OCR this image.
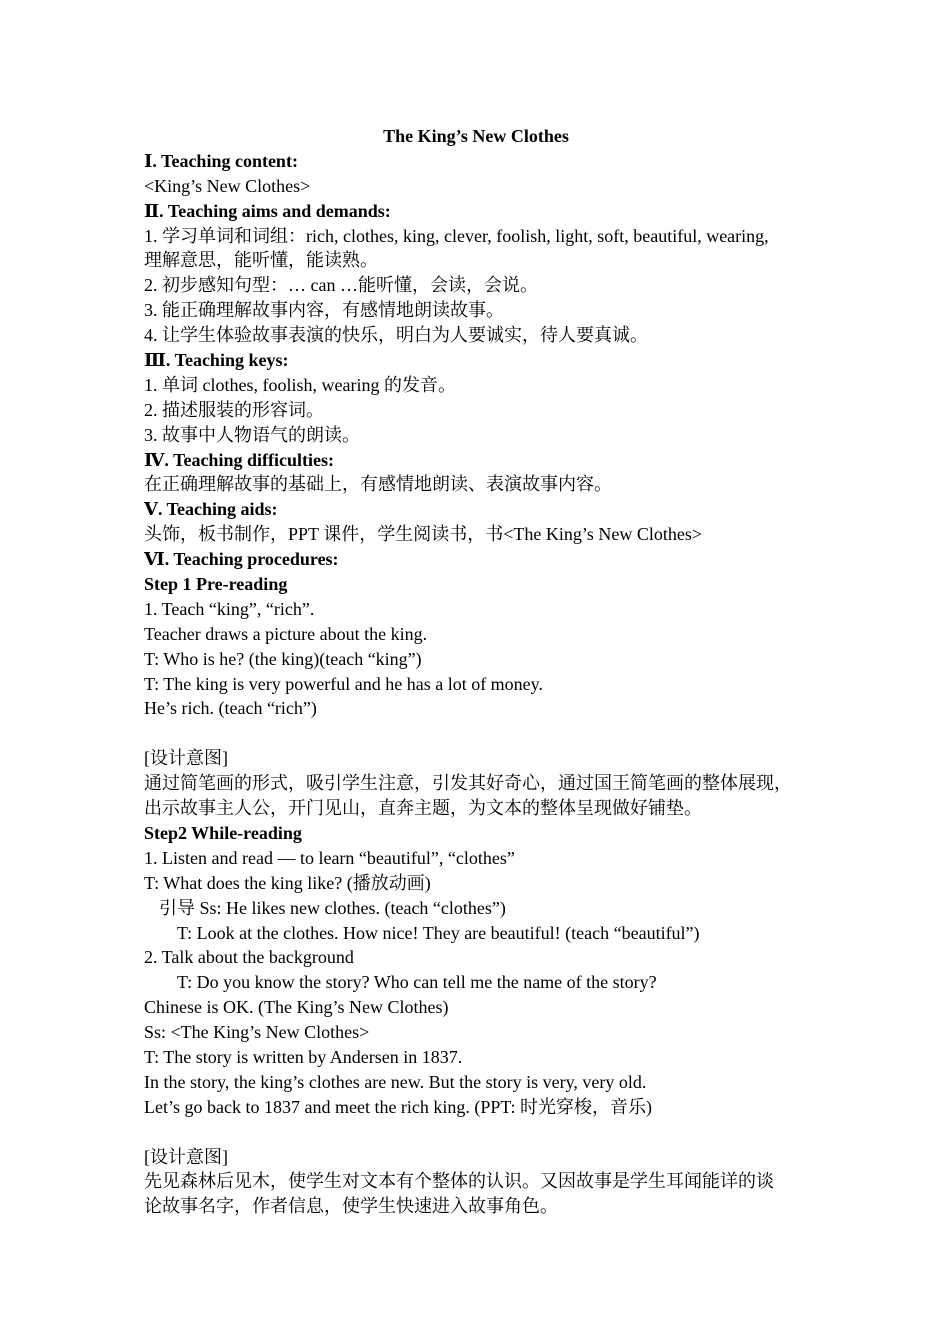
The King’s New Clothes
Ⅰ. Teaching content:
<King’s New Clothes>
Ⅱ. Teaching aims and demands:
1. 学习单词和词组：rich, clothes, king, clever, foolish, light, soft, beautiful, wearing,
理解意思，能听懂，能读熟。
2. 初步感知句型：… can …能听懂，会读，会说。
3. 能正确理解故事内容，有感情地朗读故事。
4. 让学生体验故事表演的快乐，明白为人要诚实，待人要真诚。
Ⅲ. Teaching keys:
1. 单词 clothes, foolish, wearing 的发音。
2. 描述服装的形容词。
3. 故事中人物语气的朗读。
Ⅳ. Teaching difficulties:
在正确理解故事的基础上，有感情地朗读、表演故事内容。
Ⅴ. Teaching aids:
头饰，板书制作，PPT 课件，学生阅读书，书<The King’s New Clothes>
Ⅵ. Teaching procedures:
Step 1 Pre-reading
1. Teach “king”, “rich”.
Teacher draws a picture about the king.
T: Who is he? (the king)(teach “king”)
T: The king is very powerful and he has a lot of money.
He’s rich. (teach “rich”)
[设计意图]
通过简笔画的形式，吸引学生注意，引发其好奇心，通过国王简笔画的整体展现，
出示故事主人公，开门见山，直奔主题，为文本的整体呈现做好铺垫。
Step2 While-reading
1. Listen and read — to learn “beautiful”, “clothes”
T: What does the king like? (播放动画)
引导 Ss: He likes new clothes. (teach “clothes”)
T: Look at the clothes. How nice! They are beautiful! (teach “beautiful”)
2. Talk about the background
T: Do you know the story? Who can tell me the name of the story?
Chinese is OK. (The King’s New Clothes)
Ss: <The King’s New Clothes>
T: The story is written by Andersen in 1837.
In the story, the king’s clothes are new. But the story is very, very old.
Let’s go back to 1837 and meet the rich king. (PPT: 时光穿梭，音乐)
[设计意图]
先见森林后见木，使学生对文本有个整体的认识。又因故事是学生耳闻能详的谈
论故事名字，作者信息，使学生快速进入故事角色。
